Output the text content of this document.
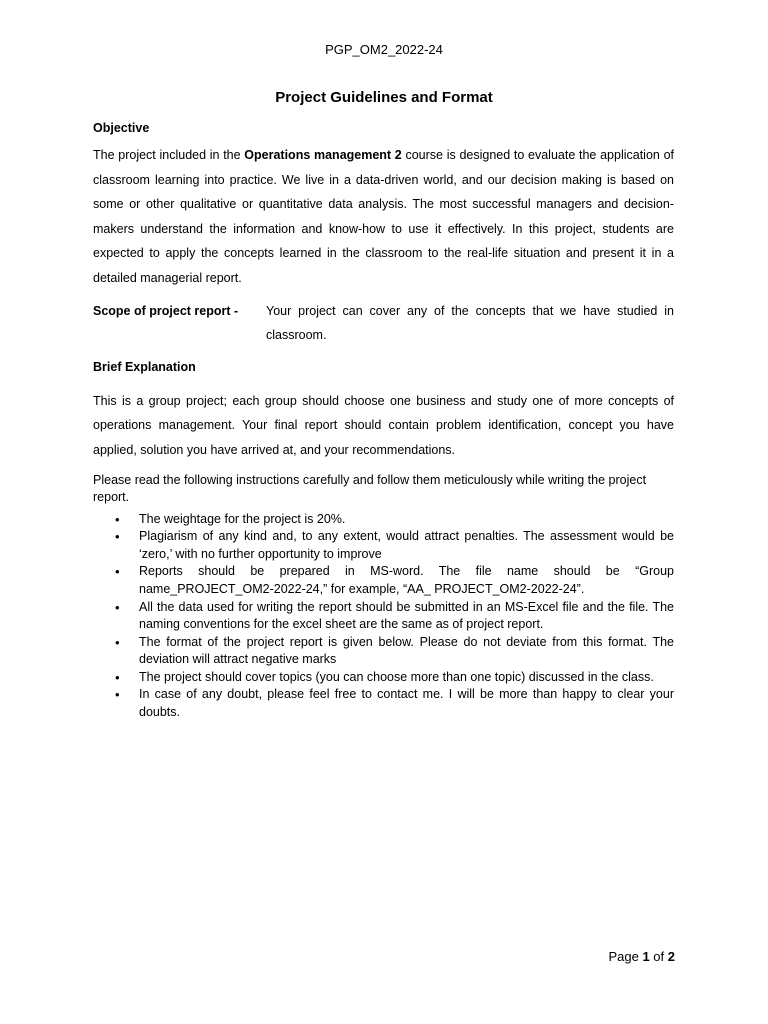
PGP_OM2_2022-24
Project Guidelines and Format

Objective

The project included in the Operations management 2 course is designed to evaluate the application of classroom learning into practice. We live in a data-driven world, and our decision making is based on some or other qualitative or quantitative data analysis. The most successful managers and decision-makers understand the information and know-how to use it effectively. In this project, students are expected to apply the concepts learned in the classroom to the real-life situation and present it in a detailed managerial report.

Scope of project report -	Your project can cover any of the concepts that we have studied in classroom.

Brief Explanation

This is a group project; each group should choose one business and study one of more concepts of operations management. Your final report should contain problem identification, concept you have applied, solution you have arrived at, and your recommendations.

Please read the following instructions carefully and follow them meticulously while writing the project report.

• The weightage for the project is 20%.
• Plagiarism of any kind and, to any extent, would attract penalties. The assessment would be ‘zero,’ with no further opportunity to improve
• Reports should be prepared in MS-word. The file name should be “Group name_PROJECT_OM2-2022-24,” for example, “AA_ PROJECT_OM2-2022-24”.
• All the data used for writing the report should be submitted in an MS-Excel file and the file. The naming conventions for the excel sheet are the same as of project report.
• The format of the project report is given below. Please do not deviate from this format. The deviation will attract negative marks
• The project should cover topics (you can choose more than one topic) discussed in the class.
• In case of any doubt, please feel free to contact me. I will be more than happy to clear your doubts.
Page 1 of 2
